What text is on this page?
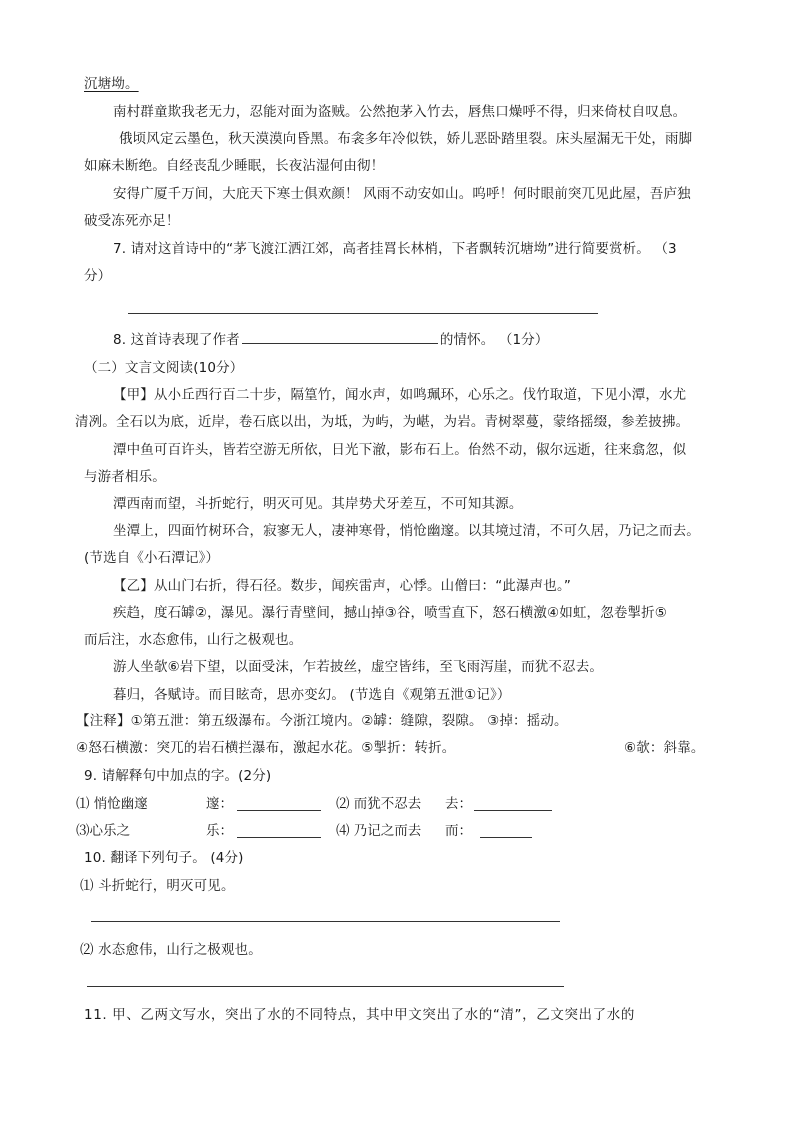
沉塘坳。
南村群童欺我老无力，忍能对面为盗贼。公然抱茅入竹去，唇焦口燥呼不得，归来倚杖自叹息。
俄顷风定云墨色，秋天漠漠向昏黑。布衾多年冷似铁，娇儿恶卧踏里裂。床头屋漏无干处，雨脚
如麻未断绝。自经丧乱少睡眠，长夜沾湿何由彻！
安得广厦千万间，大庇天下寒士俱欢颜！ 风雨不动安如山。呜呼！何时眼前突兀见此屋，吾庐独
破受冻死亦足！
7. 请对这首诗中的“茅飞渡江洒江郊，高者挂罥长林梢，下者飘转沉塘坳”进行简要赏析。 （3
分）
8. 这首诗表现了作者	的情怀。 （1分）
（二）文言文阅读(10分）
【甲】从小丘西行百二十步，隔篁竹，闻水声，如鸣珮环，心乐之。伐竹取道，下见小潭，水尤
清冽。全石以为底，近岸，卷石底以出，为坻，为屿，为嵁，为岩。青树翠蔓，蒙络摇缀，参差披拂。
潭中鱼可百许头，皆若空游无所依，日光下澈，影布石上。佁然不动，俶尔远逝，往来翕忽，似
与游者相乐。
潭西南而望，斗折蛇行，明灭可见。其岸势犬牙差互，不可知其源。
坐潭上，四面竹树环合，寂寥无人，凄神寒骨，悄怆幽邃。以其境过清，不可久居，乃记之而去。
(节选自《小石潭记》）
【乙】从山门右折，得石径。数步，闻疾雷声，心悸。山僧曰：“此瀑声也。”
疾趋，度石罅②，瀑见。瀑行青壁间，撼山掉③谷，喷雪直下，怒石横激④如虹，忽卷掣折⑤
而后注，水态愈伟，山行之极观也。
游人坐欹⑥岩下望，以面受沫，乍若披丝，虚空皆纬，至飞雨泻崖，而犹不忍去。
暮归，各赋诗。而目眩奇，思亦变幻。 (节选自《观第五泄①记》）
【注释】①第五泄：第五级瀑布。今浙江境内。②罅：缝隙，裂隙。 ③掉：摇动。
④怒石横激：突兀的岩石横拦瀑布，激起水花。⑤掣折：转折。	⑥欹：斜靠。
9. 请解释句中加点的字。(2分)
⑴ 悄怆幽邃	邃：	⑵ 而犹不忍去 去：
⑶心乐之	乐：	⑷ 乃记之而去 而：
10. 翻译下列句子。 (4分)
⑴ 斗折蛇行，明灭可见。
⑵ 水态愈伟，山行之极观也。
11. 甲、乙两文写水，突出了水的不同特点，其中甲文突出了水的“清”，乙文突出了水的
